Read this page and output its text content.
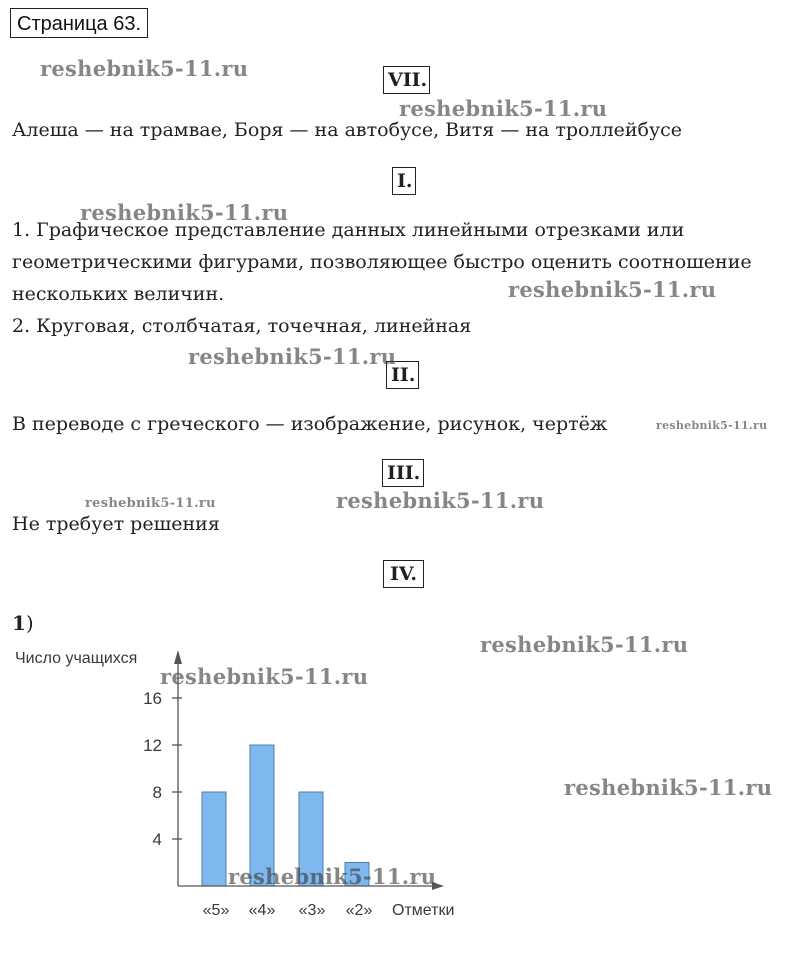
Страница 63.
VII.
Алеша — на трамвае, Боря — на автобусе, Витя — на троллейбусе
I.
1. Графическое представление данных линейными отрезками или
геометрическими фигурами, позволяющее быстро оценить соотношение
нескольких величин.
2. Круговая, столбчатая, точечная, линейная
II.
В переводе с греческого — изображение, рисунок, чертёж
III.
Не требует решения
IV.
1)
4
8
12
16
«5» «4» «3» «2»
Число учащихся
Отметки
reshebnik5-11.ru
reshebnik5-11.ru
reshebnik5-11.ru
reshebnik5-11.ru
reshebnik5-11.ru
reshebnik5-11.ru
reshebnik5-11.ru	reshebnik5-11.ru
reshebnik5-11.ru
reshebnik5-11.ru
reshebnik5-11.ru
reshebnik5-11.ru
